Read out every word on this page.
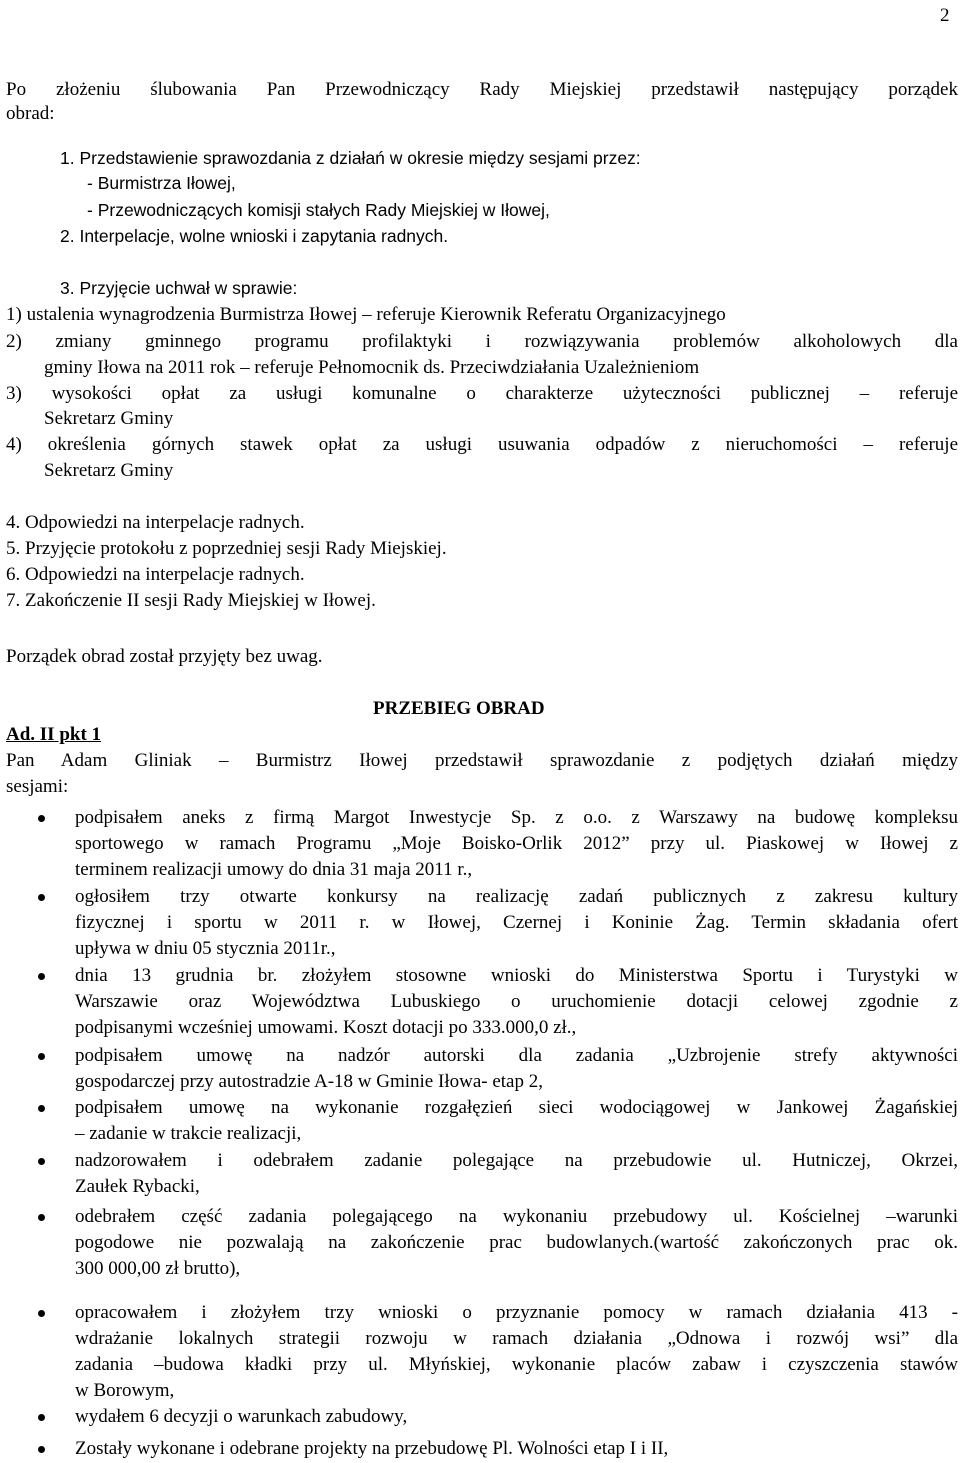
2
Po złożeniu ślubowania Pan Przewodniczący Rady Miejskiej przedstawił następujący porządek
obrad:
1. Przedstawienie sprawozdania z działań w okresie między sesjami przez:
- Burmistrza Iłowej,
- Przewodniczących komisji stałych Rady Miejskiej w Iłowej,
2. Interpelacje, wolne wnioski i zapytania radnych.
3. Przyjęcie uchwał w sprawie:
1) ustalenia wynagrodzenia Burmistrza Iłowej – referuje Kierownik Referatu Organizacyjnego
2) zmiany gminnego programu profilaktyki i rozwiązywania problemów alkoholowych dla
gminy Iłowa na 2011 rok – referuje Pełnomocnik ds. Przeciwdziałania Uzależnieniom
3) wysokości opłat za usługi komunalne o charakterze użyteczności publicznej – referuje
Sekretarz Gminy
4) określenia górnych stawek opłat za usługi usuwania odpadów z nieruchomości – referuje
Sekretarz Gminy
4. Odpowiedzi na interpelacje radnych.
5. Przyjęcie protokołu z poprzedniej sesji Rady Miejskiej.
6. Odpowiedzi na interpelacje radnych.
7. Zakończenie II sesji Rady Miejskiej w Iłowej.
Porządek obrad został przyjęty bez uwag.
PRZEBIEG OBRAD
Ad. II pkt 1
Pan Adam Gliniak – Burmistrz Iłowej przedstawił sprawozdanie z podjętych działań między
sesjami:
podpisałem aneks z firmą Margot Inwestycje Sp. z o.o. z Warszawy na budowę kompleksu
sportowego w ramach Programu „Moje Boisko-Orlik 2012” przy ul. Piaskowej w Iłowej z
terminem realizacji umowy do dnia 31 maja 2011 r.,
ogłosiłem trzy otwarte konkursy na realizację zadań publicznych z zakresu kultury
fizycznej i sportu w 2011 r. w Iłowej, Czernej i Koninie Żag. Termin składania ofert
upływa w dniu 05 stycznia 2011r.,
dnia 13 grudnia br. złożyłem stosowne wnioski do Ministerstwa Sportu i Turystyki w
Warszawie oraz Województwa Lubuskiego o uruchomienie dotacji celowej zgodnie z
podpisanymi wcześniej umowami. Koszt dotacji po 333.000,0 zł.,
podpisałem umowę na nadzór autorski dla zadania „Uzbrojenie strefy aktywności
gospodarczej przy autostradzie A-18 w Gminie Iłowa- etap 2,
podpisałem umowę na wykonanie rozgałęzień sieci wodociągowej w Jankowej Żagańskiej
– zadanie w trakcie realizacji,
nadzorowałem i odebrałem zadanie polegające na przebudowie ul. Hutniczej, Okrzei,
Zaułek Rybacki,
odebrałem część zadania polegającego na wykonaniu przebudowy ul. Kościelnej –warunki
pogodowe nie pozwalają na zakończenie prac budowlanych.(wartość zakończonych prac ok.
300 000,00 zł brutto),
opracowałem i złożyłem trzy wnioski o przyznanie pomocy w ramach działania 413 -
wdrażanie lokalnych strategii rozwoju w ramach działania „Odnowa i rozwój wsi” dla
zadania –budowa kładki przy ul. Młyńskiej, wykonanie placów zabaw i czyszczenia stawów
w Borowym,
wydałem 6 decyzji o warunkach zabudowy,
Zostały wykonane i odebrane projekty na przebudowę Pl. Wolności etap I i II,
